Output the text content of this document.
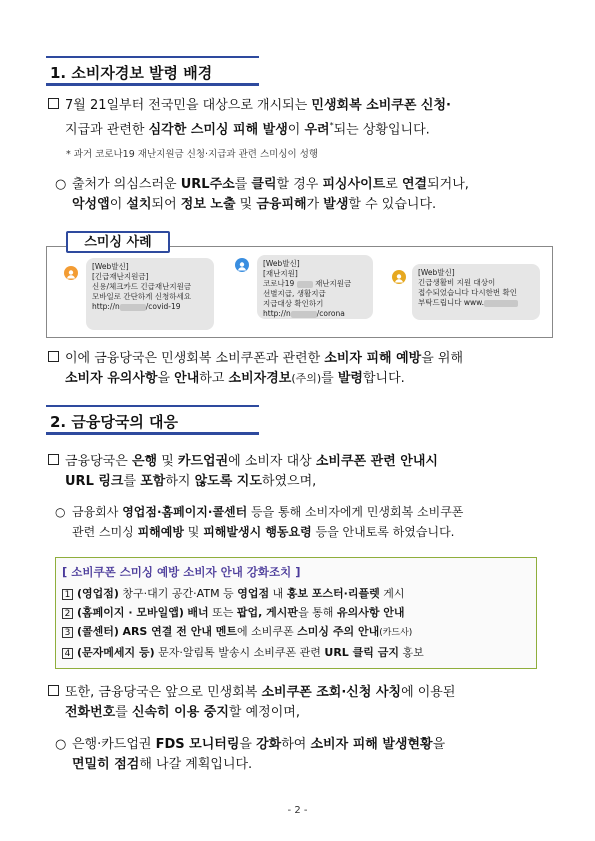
1. 소비자경보 발령 배경
7월 21일부터 전국민을 대상으로 개시되는 민생회복 소비쿠폰 신청·
지급과 관련한 심각한 스미싱 피해 발생이 우려*되는 상황입니다.
* 과거 코로나19 재난지원금 신청·지급과 관련 스미싱이 성행
○ 출처가 의심스러운 URL주소를 클릭할 경우 피싱사이트로 연결되거나,
악성앱이 설치되어 정보 노출 및 금융피해가 발생할 수 있습니다.
스미싱 사례
[Web발신]
[긴급재난지원금]
신용/체크카드 긴급재난지원금
모바일로 간단하게 신청하세요
http://n	/covid-19
[Web발신]
[재난지원]
코로나19	재난지원금
선별지급, 생활지급
지급대상 확인하기
http://n	/corona
[Web발신]
긴급생활비 지원 대상이
접수되었습니다 다시한번 확인
부탁드립니다 www.
이에 금융당국은 민생회복 소비쿠폰과 관련한 소비자 피해 예방을 위해
소비자 유의사항을 안내하고 소비자경보(주의)를 발령합니다.
2. 금융당국의 대응
금융당국은 은행 및 카드업권에 소비자 대상 소비쿠폰 관련 안내시
URL 링크를 포함하지 않도록 지도하였으며,
○ 금융회사 영업점·홈페이지·콜센터 등을 통해 소비자에게 민생회복 소비쿠폰
관련 스미싱 피해예방 및 피해발생시 행동요령 등을 안내토록 하였습니다.
[ 소비쿠폰 스미싱 예방 소비자 안내 강화조치 ]
1 (영업점) 창구·대기 공간·ATM 등 영업점 내 홍보 포스터·리플렛 게시
2 (홈페이지 · 모바일앱) 배너 또는 팝업, 게시판을 통해 유의사항 안내
3 (콜센터) ARS 연결 전 안내 멘트에 소비쿠폰 스미싱 주의 안내(카드사)
4 (문자메세지 등) 문자·알림톡 발송시 소비쿠폰 관련 URL 클릭 금지 홍보
또한, 금융당국은 앞으로 민생회복 소비쿠폰 조회·신청 사칭에 이용된
전화번호를 신속히 이용 중지할 예정이며,
○ 은행·카드업권 FDS 모니터링을 강화하여 소비자 피해 발생현황을
면밀히 점검해 나갈 계획입니다.
- 2 -
